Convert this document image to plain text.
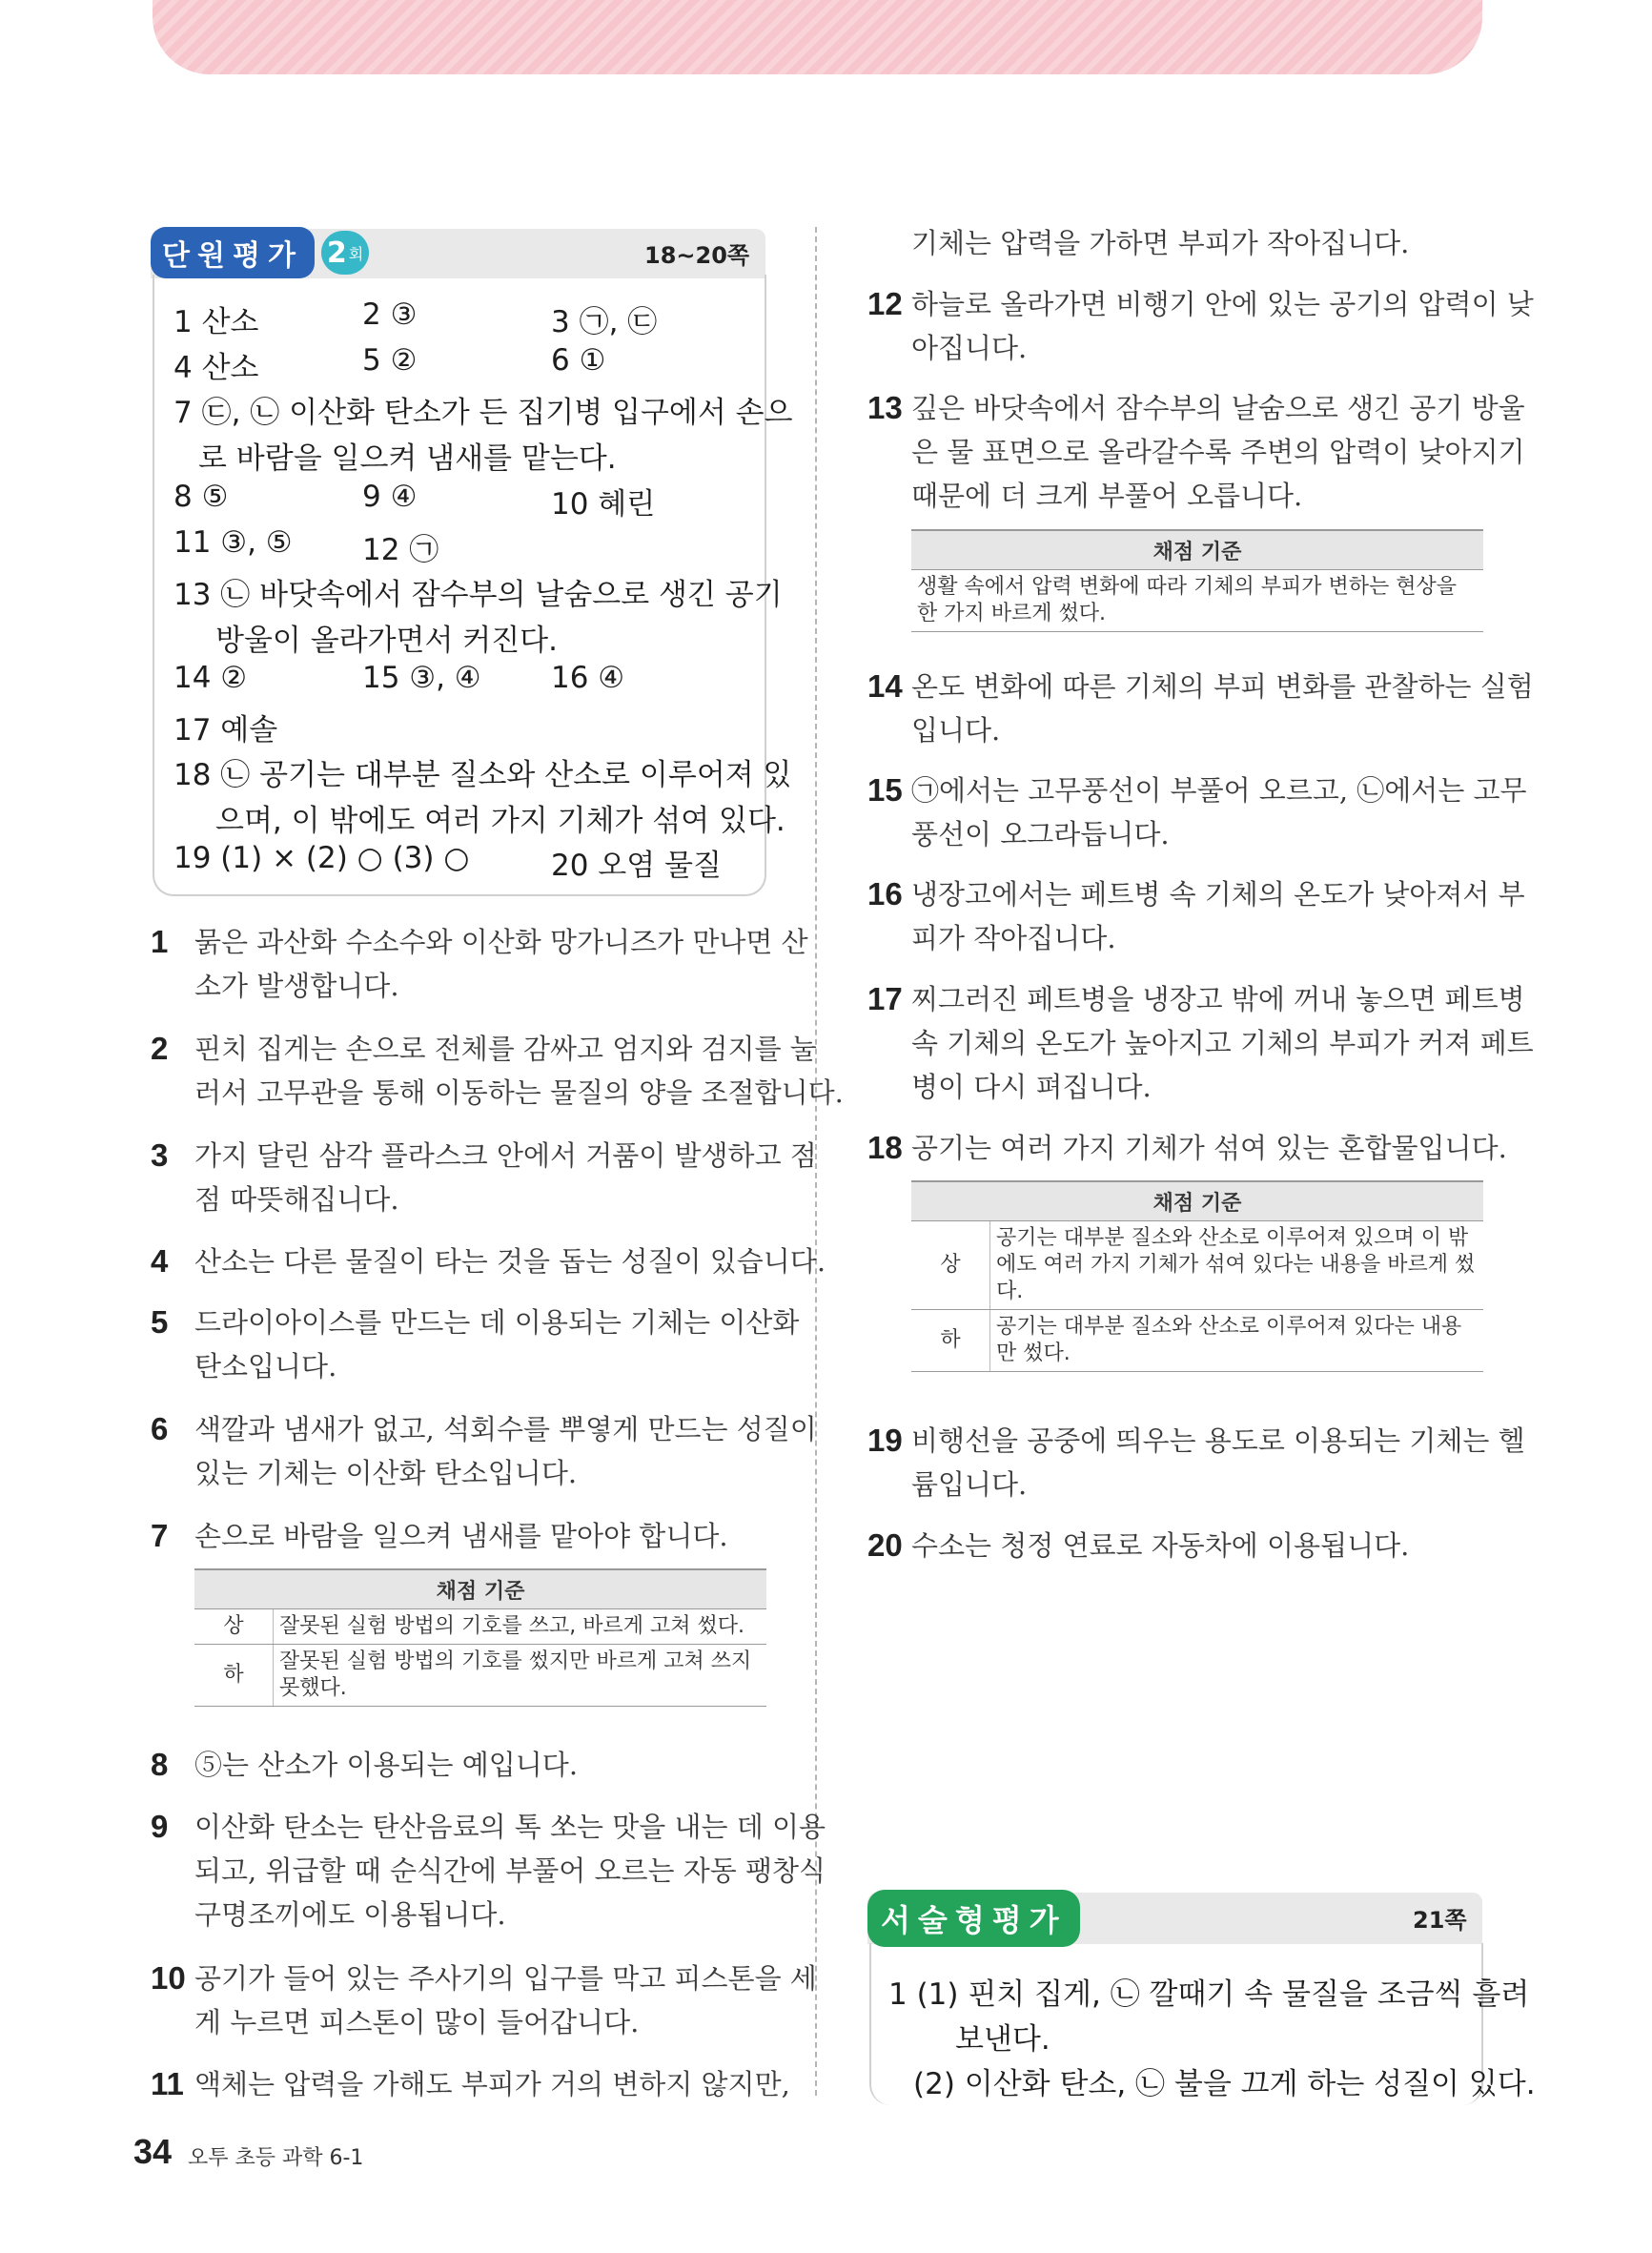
단원평가 2 회	18~20쪽
1 산소	2 ③	3 ㉠, ㉢
4 산소	5 ②	6 ①
7 ㉢, ㉡ 이산화 탄소가 든 집기병 입구에서 손으
로 바람을 일으켜 냄새를 맡는다.
8 ⑤	9 ④	10 혜린
11 ③, ⑤ 12 ㉠
13 ㉡ 바닷속에서 잠수부의 날숨으로 생긴 공기
방울이 올라가면서 커진다.
14 ②	15 ③, ④ 16 ④
17 예솔
18 ㉡ 공기는 대부분 질소와 산소로 이루어져 있
으며, 이 밖에도 여러 가지 기체가 섞여 있다.
19 (1) × (2) ○ (3) ○	20 오염 물질
1 묽은 과산화 수소수와 이산화 망가니즈가 만나면 산
소가 발생합니다.
2 핀치 집게는 손으로 전체를 감싸고 엄지와 검지를 눌
러서 고무관을 통해 이동하는 물질의 양을 조절합니다.
3 가지 달린 삼각 플라스크 안에서 거품이 발생하고 점
점 따뜻해집니다.
4 산소는 다른 물질이 타는 것을 돕는 성질이 있습니다.
5 드라이아이스를 만드는 데 이용되는 기체는 이산화
탄소입니다.
6 색깔과 냄새가 없고, 석회수를 뿌옇게 만드는 성질이
있는 기체는 이산화 탄소입니다.
7 손으로 바람을 일으켜 냄새를 맡아야 합니다.
채점 기준	
상	잘못된 실험 방법의 기호를 쓰고, 바르게 고쳐 썼다.
하	잘못된 실험 방법의 기호를 썼지만 바르게 고쳐 쓰지 못했다.
8 ⑤는 산소가 이용되는 예입니다.
9 이산화 탄소는 탄산음료의 톡 쏘는 맛을 내는 데 이용
되고, 위급할 때 순식간에 부풀어 오르는 자동 팽창식
구명조끼에도 이용됩니다.
10 공기가 들어 있는 주사기의 입구를 막고 피스톤을 세
게 누르면 피스톤이 많이 들어갑니다.
11 액체는 압력을 가해도 부피가 거의 변하지 않지만,
기체는 압력을 가하면 부피가 작아집니다.
12 하늘로 올라가면 비행기 안에 있는 공기의 압력이 낮
아집니다.
13 깊은 바닷속에서 잠수부의 날숨으로 생긴 공기 방울
은 물 표면으로 올라갈수록 주변의 압력이 낮아지기
때문에 더 크게 부풀어 오릅니다.
채점 기준
생활 속에서 압력 변화에 따라 기체의 부피가 변하는 현상을 한 가지 바르게 썼다.
14 온도 변화에 따른 기체의 부피 변화를 관찰하는 실험
입니다.
15 ㉠에서는 고무풍선이 부풀어 오르고, ㉡에서는 고무
풍선이 오그라듭니다.
16 냉장고에서는 페트병 속 기체의 온도가 낮아져서 부
피가 작아집니다.
17 찌그러진 페트병을 냉장고 밖에 꺼내 놓으면 페트병
속 기체의 온도가 높아지고 기체의 부피가 커져 페트
병이 다시 펴집니다.
18 공기는 여러 가지 기체가 섞여 있는 혼합물입니다.
채점 기준	
상	공기는 대부분 질소와 산소로 이루어져 있으며 이 밖에도 여러 가지 기체가 섞여 있다는 내용을 바르게 썼다.
하	공기는 대부분 질소와 산소로 이루어져 있다는 내용만 썼다.
19 비행선을 공중에 띄우는 용도로 이용되는 기체는 헬
륨입니다.
20 수소는 청정 연료로 자동차에 이용됩니다.
서술형평가	21쪽
1 (1) 핀치 집게, ㉡ 깔때기 속 물질을 조금씩 흘려
보낸다.
(2) 이산화 탄소, ㉡ 불을 끄게 하는 성질이 있다.
34 오투 초등 과학 6-1
